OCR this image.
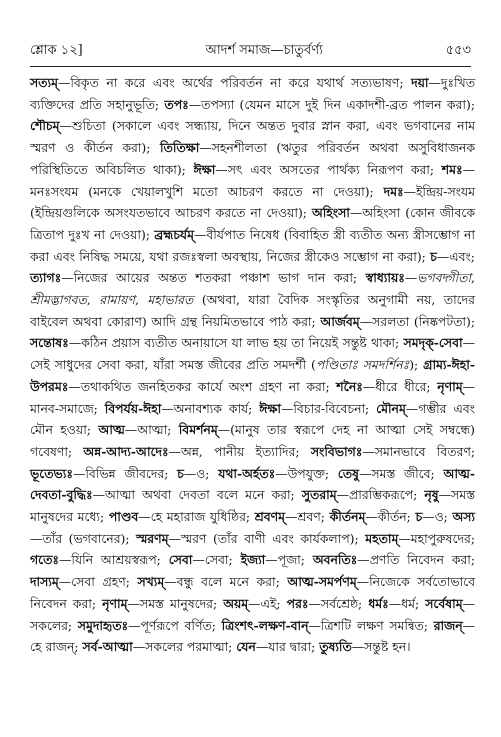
শ্লোক ১২]	আদর্শ সমাজ—চাতুর্বর্ণ্য	৫৫৩
সত্যম্—বিকৃত না করে এবং অর্থের পরিবর্তন না করে যথার্থ সত্যভাষণ; দয়া—দুঃখিত ব্যক্তিদের প্রতি সহানুভূতি; তপঃ—তপস্যা (যেমন মাসে দুই দিন একাদশী-ব্রত পালন করা); শৌচম্—শুচিতা (সকালে এবং সন্ধ্যায়, দিনে অন্তত দুবার স্নান করা, এবং ভগবানের নাম স্মরণ ও কীর্তন করা); তিতিক্ষা—সহনশীলতা (ঋতুর পরিবর্তন অথবা অসুবিধাজনক পরিস্থিতিতে অবিচলিত থাকা); ঈক্ষা—সৎ এবং অসতের পার্থক্য নিরূপণ করা; শমঃ—মনঃসংযম (মনকে খেয়ালখুশি মতো আচরণ করতে না দেওয়া); দমঃ—ইন্দ্রিয়-সংযম (ইন্দ্রিয়গুলিকে অসংযতভাবে আচরণ করতে না দেওয়া); অহিংসা—অহিংসা (কোন জীবকে ত্রিতাপ দুঃখ না দেওয়া); ব্রহ্মচর্যম্—বীর্যপাত নিষেধ (বিবাহিত স্ত্রী ব্যতীত অন্য স্ত্রীসম্ভোগ না করা এবং নিষিদ্ধ সময়ে, যথা রজঃস্বলা অবস্থায়, নিজের স্ত্রীকেও সম্ভোগ না করা); চ—এবং; ত্যাগঃ—নিজের আয়ের অন্তত শতকরা পঞ্চাশ ভাগ দান করা; স্বাধ্যায়ঃ—ভগবদ্গীতা, শ্রীমদ্ভাগবত, রামায়ণ, মহাভারত (অথবা, যারা বৈদিক সংস্কৃতির অনুগামী নয়, তাদের বাইবেল অথবা কোরাণ) আদি গ্রন্থ নিয়মিতভাবে পাঠ করা; আর্জবম্—সরলতা (নিষ্কপটতা); সন্তোষঃ—কঠিন প্রয়াস ব্যতীত অনায়াসে যা লাভ হয় তা নিয়েই সন্তুষ্ট থাকা; সমদৃক্-সেবা—সেই সাধুদের সেবা করা, যাঁরা সমস্ত জীবের প্রতি সমদর্শী (পণ্ডিতাঃ সমদর্শিনঃ); গ্রাম্য-ঈহা-উপরমঃ—তথাকথিত জনহিতকর কার্যে অংশ গ্রহণ না করা; শনৈঃ—ধীরে ধীরে; নৃণাম্—মানব-সমাজে; বিপর্যয়-ঈহা—অনাবশ্যক কার্য; ঈক্ষা—বিচার-বিবেচনা; মৌনম্—গম্ভীর এবং মৌন হওয়া; আত্ম—আত্মা; বিমর্শনম্—(মানুষ তার স্বরূপে দেহ না আত্মা সেই সম্বন্ধে) গবেষণা; অন্ন-আদ্য-আদেঃ—অন্ন, পানীয় ইত্যাদির; সংবিভাগঃ—সমানভাবে বিতরণ; ভূতেভ্যঃ—বিভিন্ন জীবদের; চ—ও; যথা-অর্হতঃ—উপযুক্ত; তেষু—সমস্ত জীবে; আত্ম-দেবতা-বুদ্ধিঃ—আত্মা অথবা দেবতা বলে মনে করা; সুতরাম্—প্রারম্ভিকরূপে; নৃষু—সমস্ত মানুষদের মধ্যে; পাণ্ডব—হে মহারাজ যুধিষ্ঠির; শ্রবণম্—শ্রবণ; কীর্তনম্—কীর্তন; চ—ও; অস্য—তাঁর (ভগবানের); স্মরণম্—স্মরণ (তাঁর বাণী এবং কার্যকলাপ); মহতাম্—মহাপুরুষদের; গতেঃ—যিনি আশ্রয়স্বরূপ; সেবা—সেবা; ইজ্যা—পূজা; অবনতিঃ—প্রণতি নিবেদন করা; দাস্যম্—সেবা গ্রহণ; সখ্যম্—বন্ধু বলে মনে করা; আত্ম-সমর্পণম্—নিজেকে সর্বতোভাবে নিবেদন করা; নৃণাম্—সমস্ত মানুষদের; অয়ম্—এই; পরঃ—সর্বশ্রেষ্ঠ; ধর্মঃ—ধর্ম; সর্বেষাম্—সকলের; সমুদাহৃতঃ—পূর্ণরূপে বর্ণিত; ত্রিংশৎ-লক্ষণ-বান্—ত্রিশটি লক্ষণ সমন্বিত; রাজন্—হে রাজন্; সর্ব-আত্মা—সকলের পরমাত্মা; যেন—যার দ্বারা; তুষ্যতি—সন্তুষ্ট হন।
